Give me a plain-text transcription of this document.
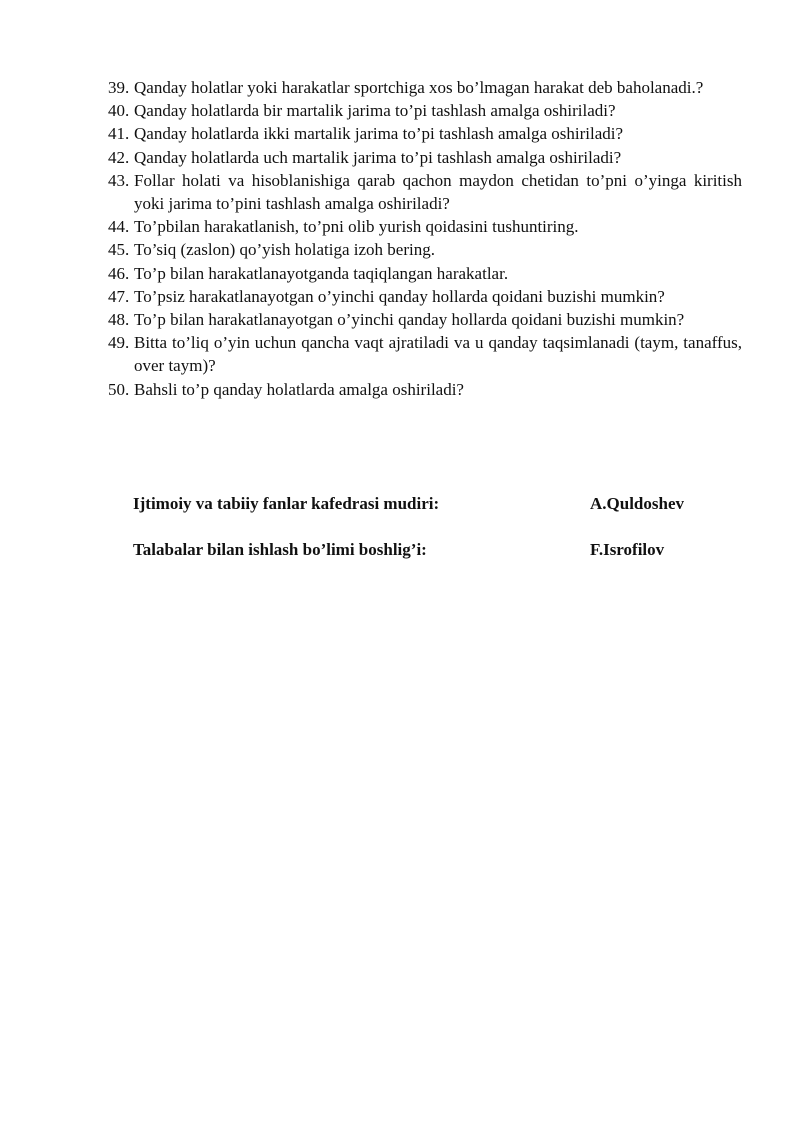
39. Qanday holatlar yoki harakatlar sportchiga xos bo’lmagan harakat deb baholanadi.?
40. Qanday holatlarda bir martalik jarima to’pi tashlash amalga oshiriladi?
41. Qanday holatlarda ikki martalik jarima to’pi tashlash amalga oshiriladi?
42. Qanday holatlarda uch martalik jarima to’pi tashlash amalga oshiriladi?
43. Follar holati va hisoblanishiga qarab qachon maydon chetidan to’pni o’yinga kiritish yoki jarima to’pini tashlash amalga oshiriladi?
44. To’pbilan harakatlanish, to’pni olib yurish qoidasini tushuntiring.
45. To’siq (zaslon) qo’yish holatiga izoh bering.
46. To’p bilan harakatlanayotganda taqiqlangan harakatlar.
47. To’psiz harakatlanayotgan o’yinchi qanday hollarda qoidani buzishi mumkin?
48. To’p bilan harakatlanayotgan o’yinchi qanday hollarda qoidani buzishi mumkin?
49. Bitta to’liq o’yin uchun qancha vaqt ajratiladi va u qanday taqsimlanadi (taym, tanaffus, over taym)?
50. Bahsli to’p qanday holatlarda amalga oshiriladi?
Ijtimoiy va tabiiy fanlar kafedrasi mudiri:	A.Quldoshev
Talabalar bilan ishlash bo’limi boshlig’i:	F.Isrofilov
